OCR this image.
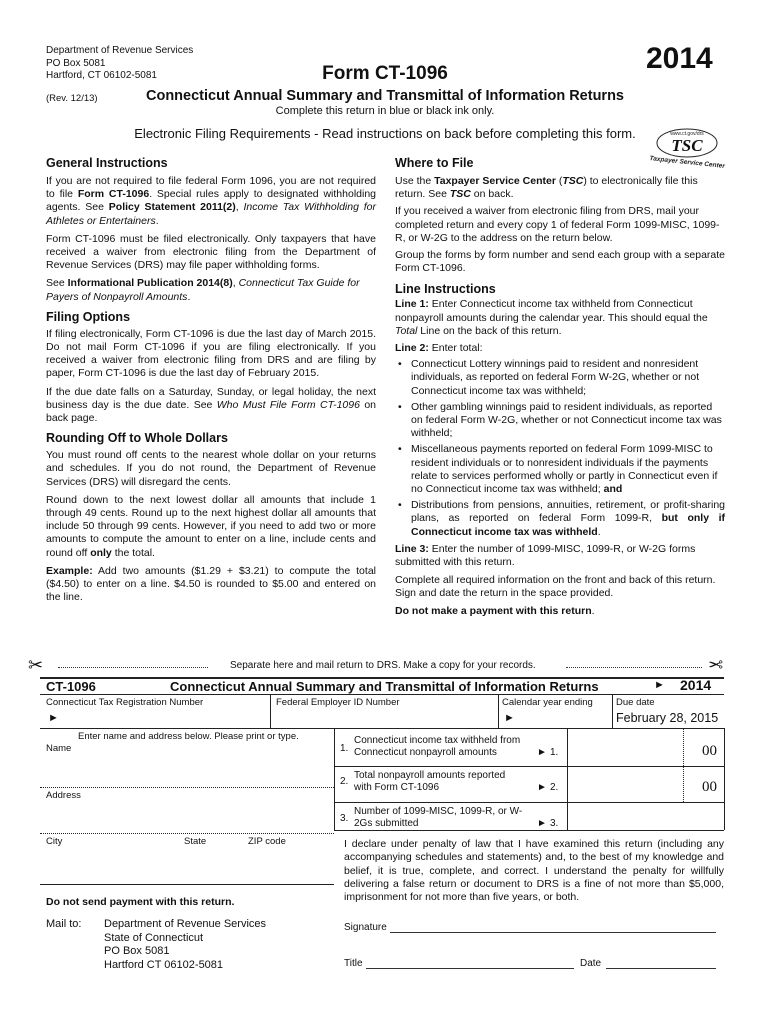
Department of Revenue Services
PO Box 5081
Hartford, CT 06102-5081
(Rev. 12/13)
2014
Form CT-1096
Connecticut Annual Summary and Transmittal of Information Returns
Complete this return in blue or black ink only.
Electronic Filing Requirements - Read instructions on back before completing this form.	www.ct.gov/drs
TSC
Taxpayer Service Center
General Instructions

If you are not required to file federal Form 1096, you are not required to file Form CT-1096. Special rules apply to designated withholding agents. See Policy Statement 2011(2), Income Tax Withholding for Athletes or Entertainers.

Form CT-1096 must be filed electronically. Only taxpayers that have received a waiver from electronic filing from the Department of Revenue Services (DRS) may file paper withholding forms.

See Informational Publication 2014(8), Connecticut Tax Guide for Payers of Nonpayroll Amounts.

Filing Options

If filing electronically, Form CT-1096 is due the last day of March 2015. Do not mail Form CT-1096 if you are filing electronically. If you received a waiver from electronic filing from DRS and are filing by paper, Form CT-1096 is due the last day of February 2015.

If the due date falls on a Saturday, Sunday, or legal holiday, the next business day is the due date. See Who Must File Form CT-1096 on back page.

Rounding Off to Whole Dollars

You must round off cents to the nearest whole dollar on your returns and schedules. If you do not round, the Department of Revenue Services (DRS) will disregard the cents.

Round down to the next lowest dollar all amounts that include 1 through 49 cents. Round up to the next highest dollar all amounts that include 50 through 99 cents. However, if you need to add two or more amounts to compute the amount to enter on a line, include cents and round off only the total.

Example: Add two amounts ($1.29 + $3.21) to compute the total ($4.50) to enter on a line. $4.50 is rounded to $5.00 and entered on the line.

Where to File

Use the Taxpayer Service Center (TSC) to electronically file this return. See TSC on back.

If you received a waiver from electronic filing from DRS, mail your completed return and every copy 1 of federal Form 1099-MISC, 1099-R, or W-2G to the address on the return below.

Group the forms by form number and send each group with a separate Form CT-1096.

Line Instructions

Line 1: Enter Connecticut income tax withheld from Connecticut nonpayroll amounts during the calendar year. This should equal the Total Line on the back of this return.

Line 2: Enter total:

• Connecticut Lottery winnings paid to resident and nonresident individuals, as reported on federal Form W-2G, whether or not Connecticut income tax was withheld;

• Other gambling winnings paid to resident individuals, as reported on federal Form W-2G, whether or not Connecticut income tax was withheld;

• Miscellaneous payments reported on federal Form 1099-MISC to resident individuals or to nonresident individuals if the payments relate to services performed wholly or partly in Connecticut even if no Connecticut income tax was withheld; and

• Distributions from pensions, annuities, retirement, or profit-sharing plans, as reported on federal Form 1099-R, but only if Connecticut income tax was withheld.

Line 3: Enter the number of 1099-MISC, 1099-R, or W-2G forms submitted with this return.

Complete all required information on the front and back of this return. Sign and date the return in the space provided.

Do not make a payment with this return.

✂	Separate here and mail return to DRS. Make a copy for your records.	✂
CT-1096	Connecticut Annual Summary and Transmittal of Information Returns	► 2014
Connecticut Tax Registration Number
►
Federal Employer ID Number	Calendar year ending
►
Due date
February 28, 2015
Enter name and address below. Please print or type.
Name
Address
City	State	ZIP code
1.
Connecticut income tax withheld from Connecticut nonpayroll amounts	► 1.	00
2.
Total nonpayroll amounts reported with Form CT-1096	► 2.	00
3.
Number of 1099-MISC, 1099-R, or W-2Gs submitted	► 3.

I declare under penalty of law that I have examined this return (including any accompanying schedules and statements) and, to the best of my knowledge and belief, it is true, complete, and correct. I understand the penalty for willfully delivering a false return or document to DRS is a fine of not more than $5,000, imprisonment for not more than five years, or both.

Do not send payment with this return.
Mail to: Department of Revenue Services
State of Connecticut
PO Box 5081
Hartford CT 06102-5081
Signature
Title	Date
